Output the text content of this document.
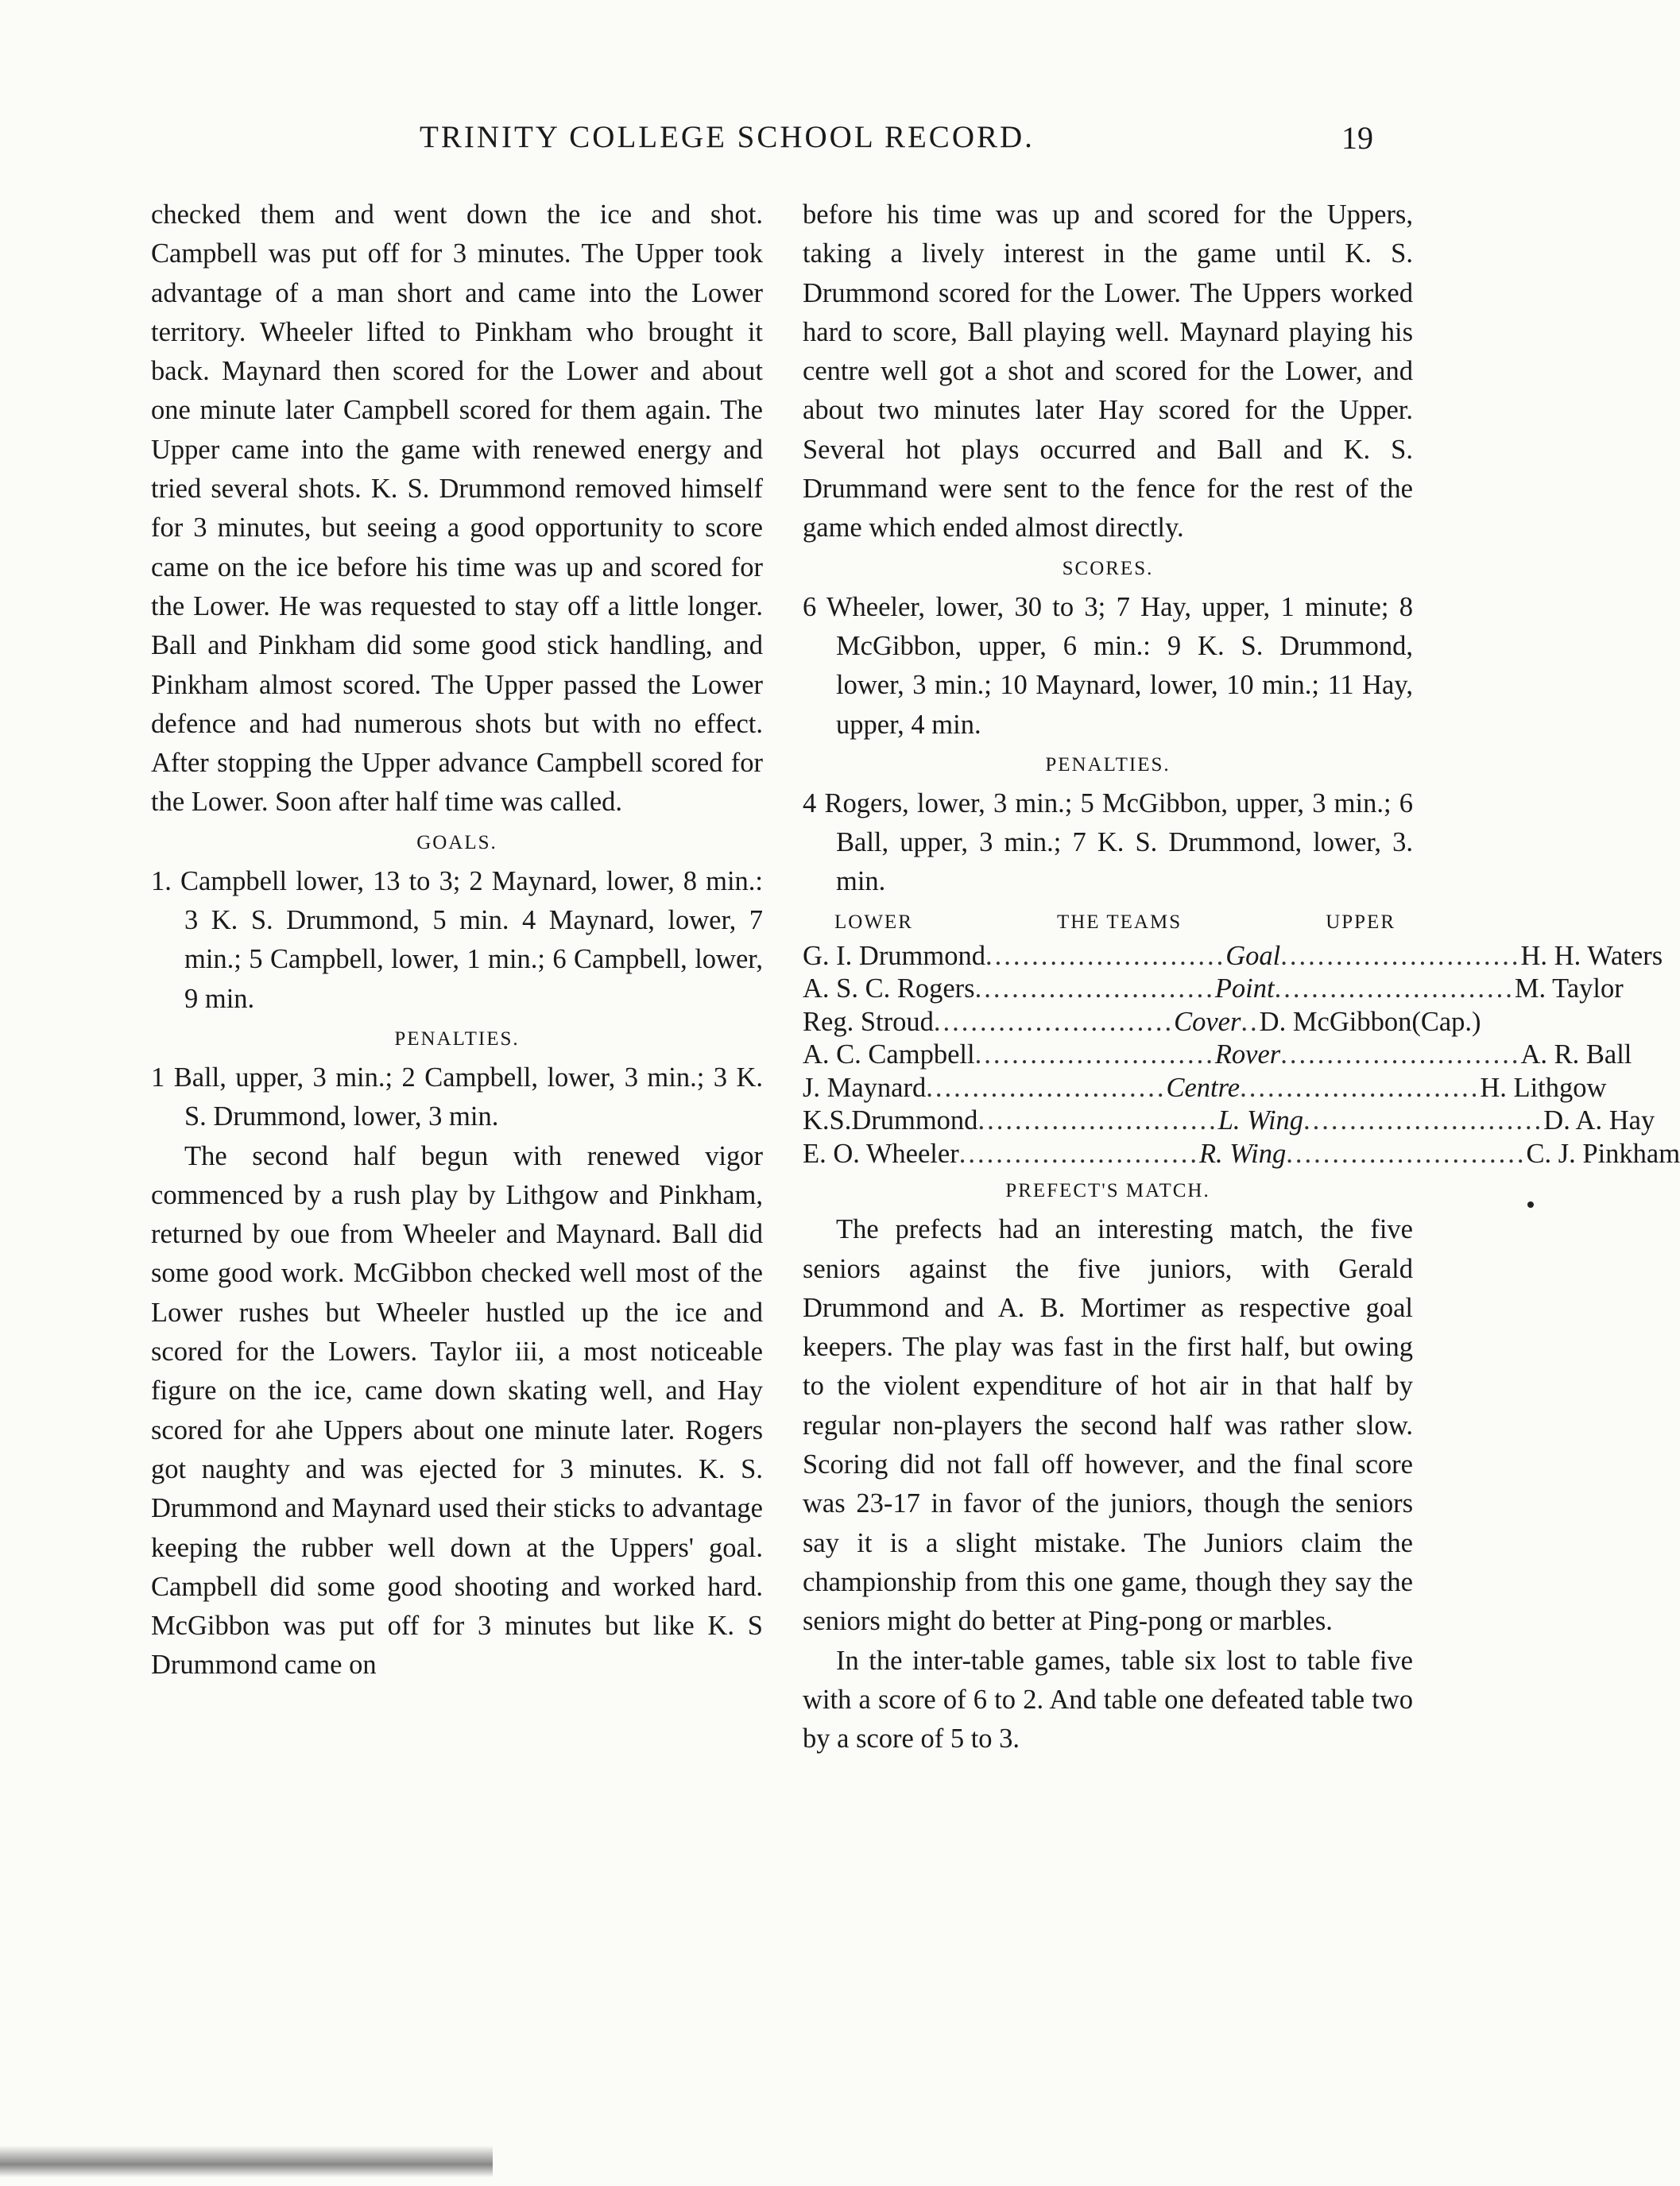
TRINITY COLLEGE SCHOOL RECORD.	19

checked them and went down the ice and shot. Campbell was put off for 3 minutes. The Upper took advantage of a man short and came into the Lower territory. Wheeler lifted to Pinkham who brought it back. Maynard then scored for the Lower and about one minute later Campbell scored for them again. The Upper came into the game with renewed energy and tried several shots. K. S. Drummond removed himself for 3 minutes, but seeing a good opportunity to score came on the ice before his time was up and scored for the Lower. He was requested to stay off a little longer. Ball and Pinkham did some good stick handling, and Pinkham almost scored. The Upper passed the Lower defence and had numerous shots but with no effect. After stopping the Upper advance Campbell scored for the Lower. Soon after half time was called.

GOALS.

1. Campbell lower, 13 to 3; 2 Maynard, lower, 8 min.: 3 K. S. Drummond, 5 min. 4 Maynard, lower, 7 min.; 5 Campbell, lower, 1 min.; 6 Campbell, lower, 9 min.

PENALTIES.

1 Ball, upper, 3 min.; 2 Campbell, lower, 3 min.; 3 K. S. Drummond, lower, 3 min.

The second half begun with renewed vigor commenced by a rush play by Lithgow and Pinkham, returned by oue from Wheeler and Maynard. Ball did some good work. McGibbon checked well most of the Lower rushes but Wheeler hustled up the ice and scored for the Lowers. Taylor iii, a most noticeable figure on the ice, came down skating well, and Hay scored for ahe Uppers about one minute later. Rogers got naughty and was ejected for 3 minutes. K. S. Drummond and Maynard used their sticks to advantage keeping the rubber well down at the Uppers' goal. Campbell did some good shooting and worked hard. McGibbon was put off for 3 minutes but like K. S Drummond came on

before his time was up and scored for the Uppers, taking a lively interest in the game until K. S. Drummond scored for the Lower. The Uppers worked hard to score, Ball playing well. Maynard playing his centre well got a shot and scored for the Lower, and about two minutes later Hay scored for the Upper. Several hot plays occurred and Ball and K. S. Drummand were sent to the fence for the rest of the game which ended almost directly.

SCORES.

6 Wheeler, lower, 30 to 3; 7 Hay, upper, 1 minute; 8 McGibbon, upper, 6 min.: 9 K. S. Drummond, lower, 3 min.; 10 Maynard, lower, 10 min.; 11 Hay, upper, 4 min.

PENALTIES.

4 Rogers, lower, 3 min.; 5 McGibbon, upper, 3 min.; 6 Ball, upper, 3 min.; 7 K. S. Drummond, lower, 3. min.

LOWER	THE TEAMS	UPPER
G. I. Drummond .......................... Goal .......................... H. H. Waters
A. S. C. Rogers .......................... Point .......................... M. Taylor
Reg. Stroud .......................... Cover .. D. McGibbon(Cap.)
A. C. Campbell .......................... Rover .......................... A. R. Ball
J. Maynard .......................... Centre .......................... H. Lithgow
K.S.Drummond .......................... L. Wing .......................... D. A. Hay
E. O. Wheeler .......................... R. Wing .......................... C. J. Pinkham
PREFECT'S MATCH.

The prefects had an interesting match, the five seniors against the five juniors, with Gerald Drummond and A. B. Mortimer as respective goal keepers. The play was fast in the first half, but owing to the violent expenditure of hot air in that half by regular non-players the second half was rather slow. Scoring did not fall off however, and the final score was 23-17 in favor of the juniors, though the seniors say it is a slight mistake. The Juniors claim the championship from this one game, though they say the seniors might do better at Ping-pong or marbles.

In the inter-table games, table six lost to table five with a score of 6 to 2. And table one defeated table two by a score of 5 to 3.
